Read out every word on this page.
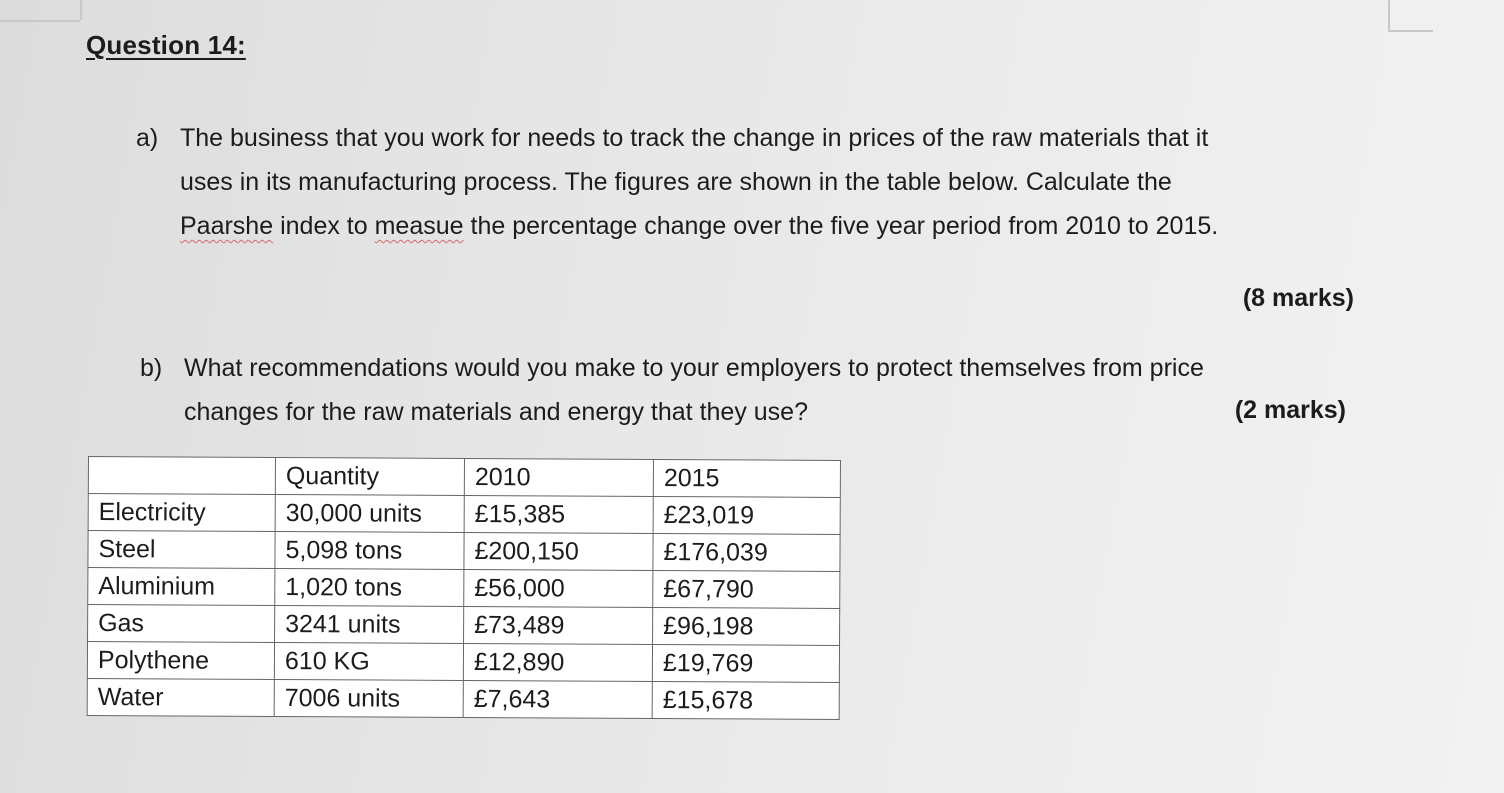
Question 14:
a) The business that you work for needs to track the change in prices of the raw materials that it
uses in its manufacturing process. The figures are shown in the table below. Calculate the
Paarshe index to measue the percentage change over the five year period from 2010 to 2015.
(8 marks)
b) What recommendations would you make to your employers to protect themselves from price
changes for the raw materials and energy that they use?	(2 marks)
	Quantity	2010	2015
Electricity	30,000 units	£15,385	£23,019
Steel	5,098 tons	£200,150	£176,039
Aluminium	1,020 tons	£56,000	£67,790
Gas	3241 units	£73,489	£96,198
Polythene	610 KG	£12,890	£19,769
Water	7006 units	£7,643	£15,678
